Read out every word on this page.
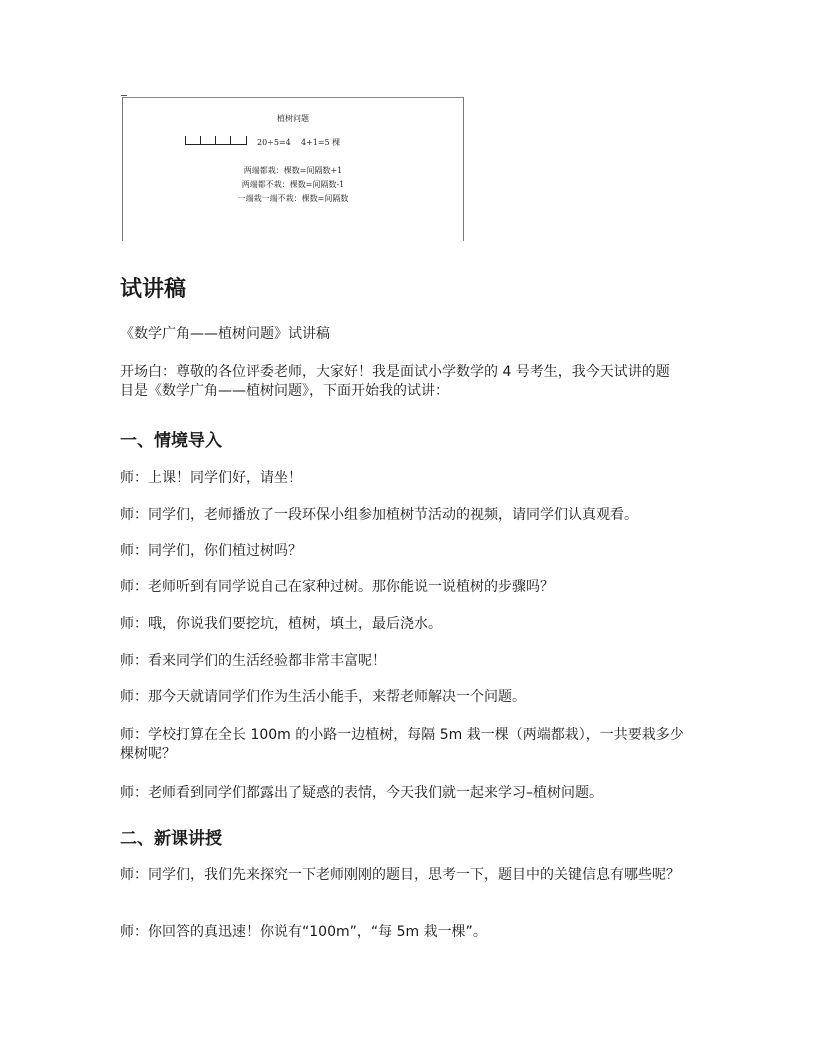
植树问题
20÷5=4    4+1=5 棵
两端都栽：棵数=间隔数+1
两端都不栽：棵数=间隔数-1
一端栽一端不栽：棵数=间隔数
试讲稿

《数学广角——植树问题》试讲稿

开场白：尊敬的各位评委老师，大家好！我是面试小学数学的 4 号考生，我今天试讲的题目是《数学广角——植树问题》，下面开始我的试讲：

一、情境导入

师：上课！同学们好，请坐！

师：同学们，老师播放了一段环保小组参加植树节活动的视频，请同学们认真观看。

师：同学们，你们植过树吗？

师：老师听到有同学说自己在家种过树。那你能说一说植树的步骤吗？

师：哦，你说我们要挖坑，植树，填土，最后浇水。

师：看来同学们的生活经验都非常丰富呢！

师：那今天就请同学们作为生活小能手，来帮老师解决一个问题。

师：学校打算在全长 100m 的小路一边植树，每隔 5m 栽一棵（两端都栽），一共要栽多少棵树呢？

师：老师看到同学们都露出了疑惑的表情，今天我们就一起来学习–植树问题。

二、新课讲授

师：同学们，我们先来探究一下老师刚刚的题目，思考一下，题目中的关键信息有哪些呢？

师：你回答的真迅速！你说有“100m”，“每 5m 栽一棵”。
